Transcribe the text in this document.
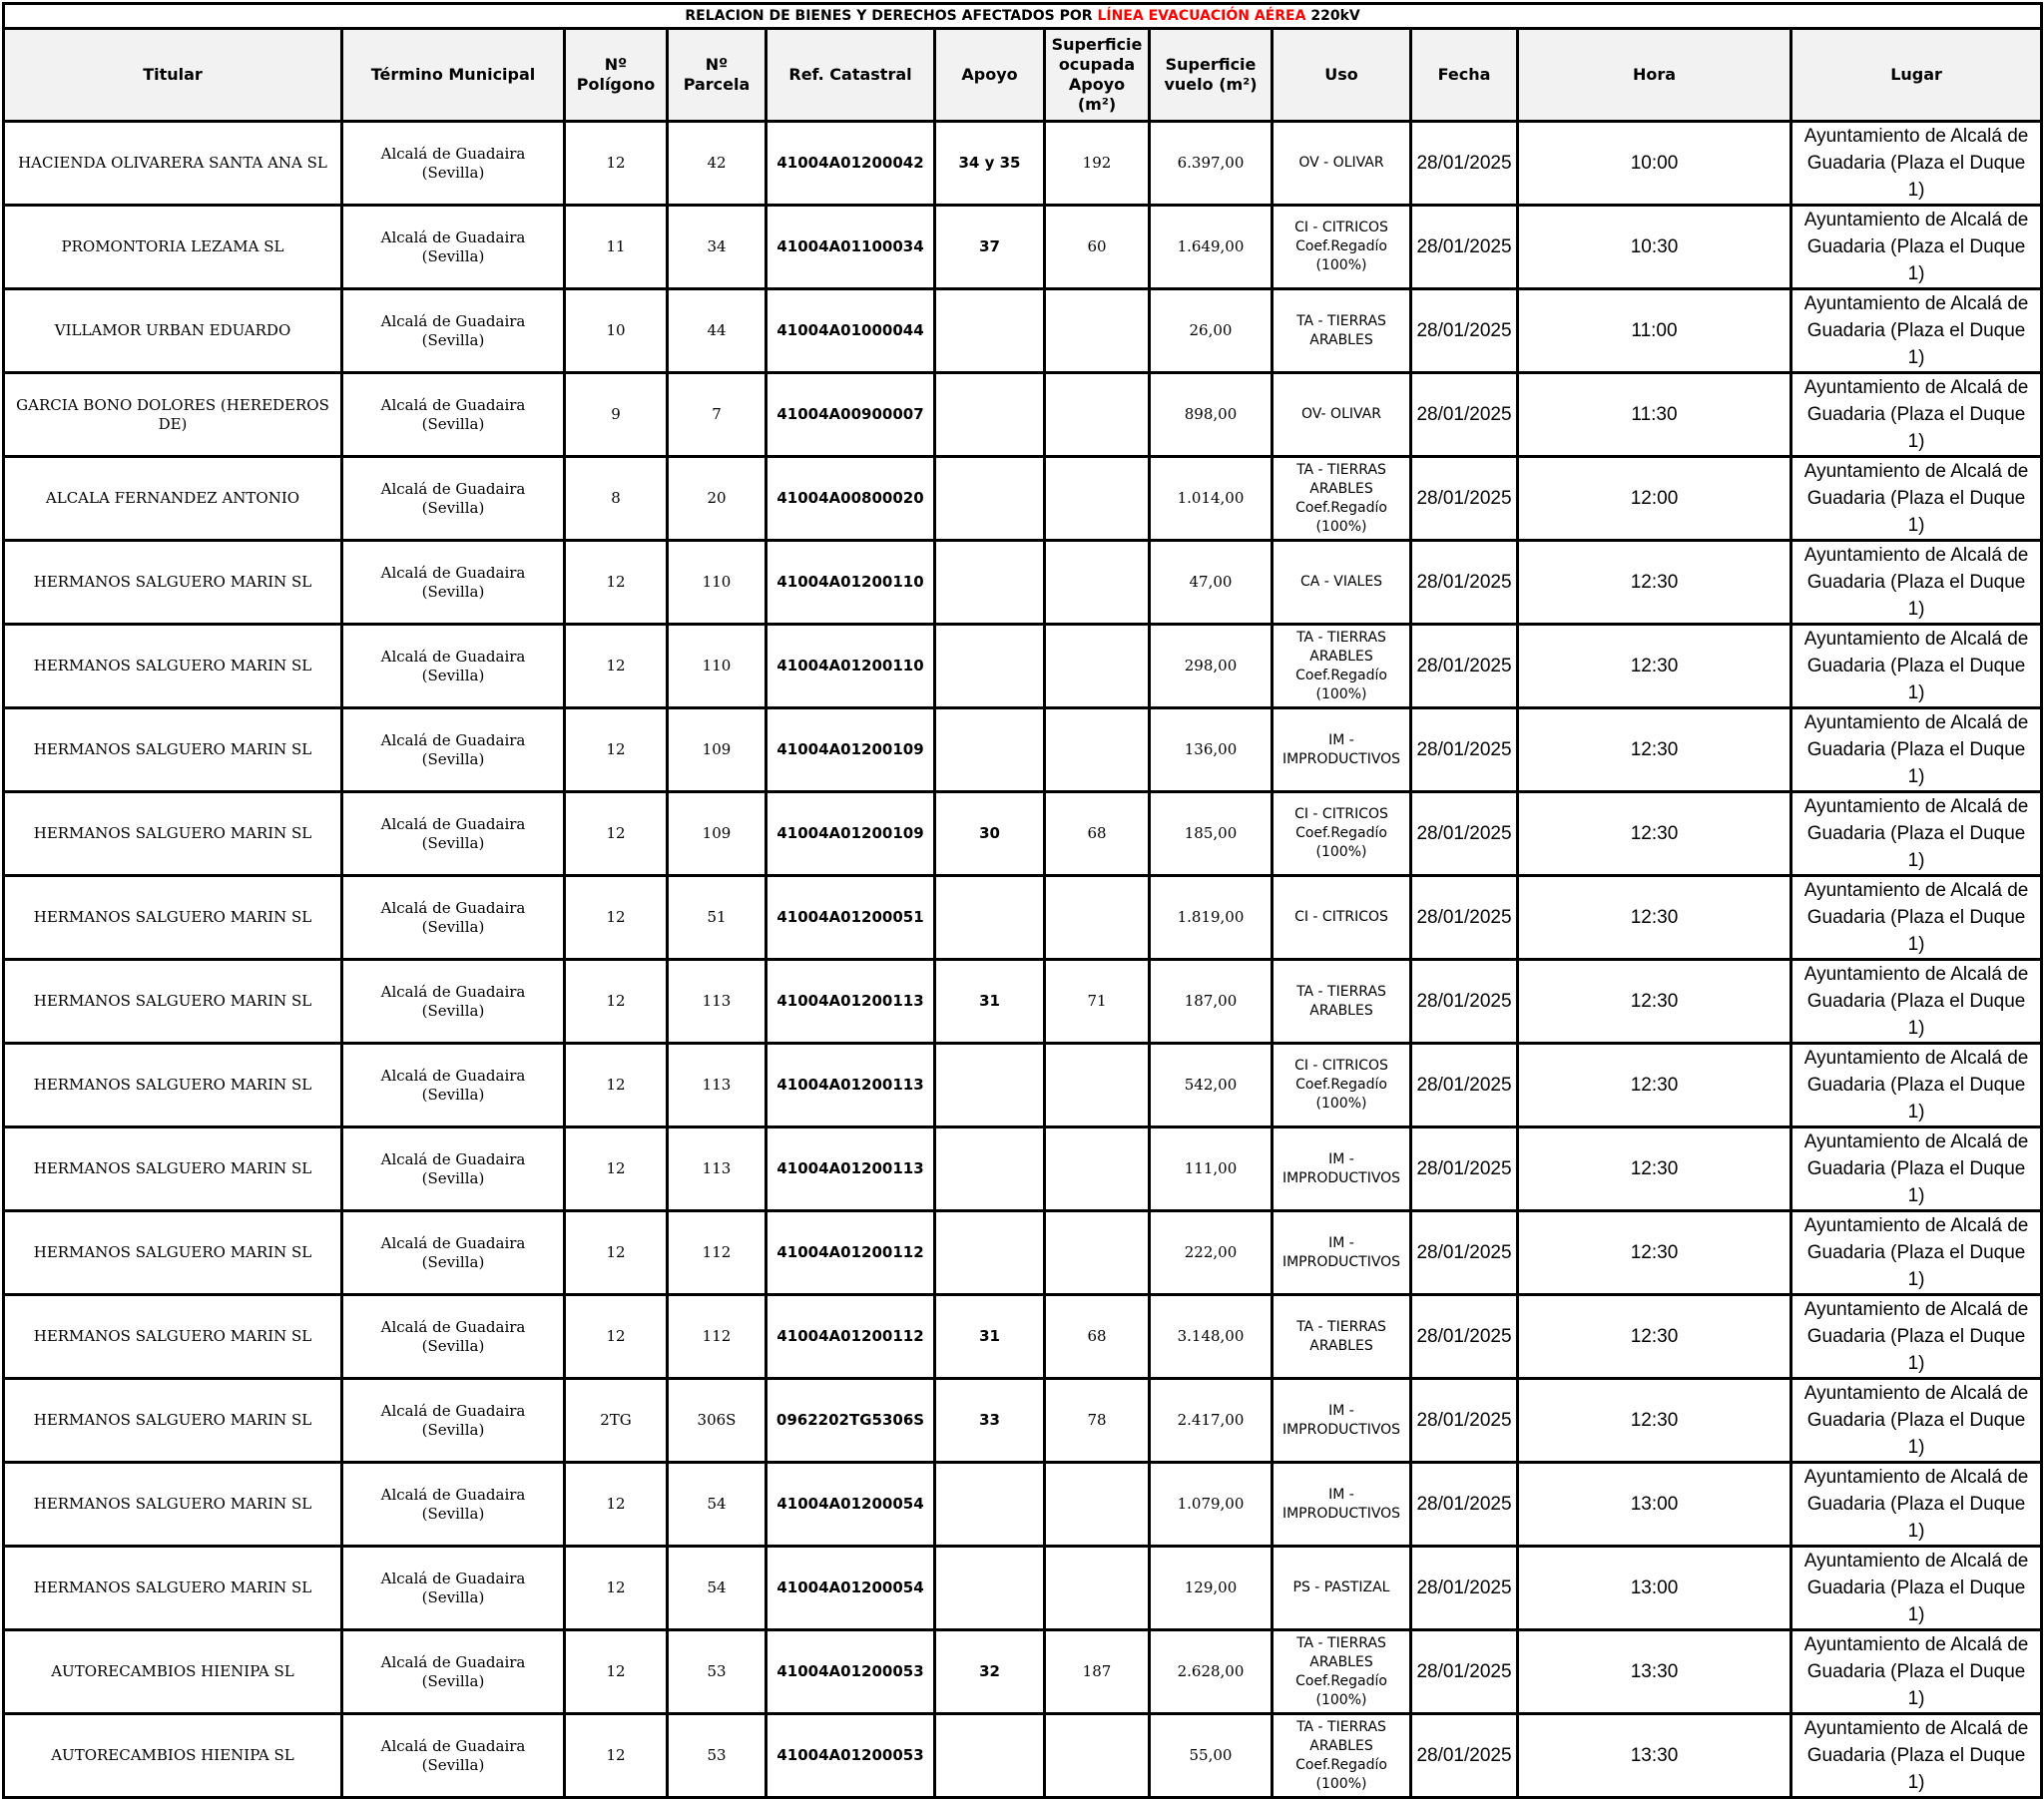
RELACION DE BIENES Y DERECHOS AFECTADOS POR LÍNEA EVACUACIÓN AÉREA 220kV											
Titular	Término Municipal	Nº Polígono	Nº Parcela	Ref. Catastral	Apoyo	Superficie ocupada Apoyo (m²)	Superficie vuelo (m²)	Uso	Fecha	Hora	Lugar
HACIENDA OLIVARERA SANTA ANA SL	Alcalá de Guadaira (Sevilla)	12	42	41004A01200042	34 y 35	192	6.397,00	OV - OLIVAR	28/01/2025	10:00	Ayuntamiento de Alcalá de Guadaria (Plaza el Duque 1)
PROMONTORIA LEZAMA SL	Alcalá de Guadaira (Sevilla)	11	34	41004A01100034	37	60	1.649,00	CI - CITRICOS Coef.Regadío (100%)	28/01/2025	10:30	Ayuntamiento de Alcalá de Guadaria (Plaza el Duque 1)
VILLAMOR URBAN EDUARDO	Alcalá de Guadaira (Sevilla)	10	44	41004A01000044			26,00	TA - TIERRAS ARABLES	28/01/2025	11:00	Ayuntamiento de Alcalá de Guadaria (Plaza el Duque 1)
GARCIA BONO DOLORES (HEREDEROS DE)	Alcalá de Guadaira (Sevilla)	9	7	41004A00900007			898,00	OV- OLIVAR	28/01/2025	11:30	Ayuntamiento de Alcalá de Guadaria (Plaza el Duque 1)
ALCALA FERNANDEZ ANTONIO	Alcalá de Guadaira (Sevilla)	8	20	41004A00800020			1.014,00	TA - TIERRAS ARABLES Coef.Regadío (100%)	28/01/2025	12:00	Ayuntamiento de Alcalá de Guadaria (Plaza el Duque 1)
HERMANOS SALGUERO MARIN SL	Alcalá de Guadaira (Sevilla)	12	110	41004A01200110			47,00	CA - VIALES	28/01/2025	12:30	Ayuntamiento de Alcalá de Guadaria (Plaza el Duque 1)
HERMANOS SALGUERO MARIN SL	Alcalá de Guadaira (Sevilla)	12	110	41004A01200110			298,00	TA - TIERRAS ARABLES Coef.Regadío (100%)	28/01/2025	12:30	Ayuntamiento de Alcalá de Guadaria (Plaza el Duque 1)
HERMANOS SALGUERO MARIN SL	Alcalá de Guadaira (Sevilla)	12	109	41004A01200109			136,00	IM - IMPRODUCTIVOS	28/01/2025	12:30	Ayuntamiento de Alcalá de Guadaria (Plaza el Duque 1)
HERMANOS SALGUERO MARIN SL	Alcalá de Guadaira (Sevilla)	12	109	41004A01200109	30	68	185,00	CI - CITRICOS Coef.Regadío (100%)	28/01/2025	12:30	Ayuntamiento de Alcalá de Guadaria (Plaza el Duque 1)
HERMANOS SALGUERO MARIN SL	Alcalá de Guadaira (Sevilla)	12	51	41004A01200051			1.819,00	CI - CITRICOS	28/01/2025	12:30	Ayuntamiento de Alcalá de Guadaria (Plaza el Duque 1)
HERMANOS SALGUERO MARIN SL	Alcalá de Guadaira (Sevilla)	12	113	41004A01200113	31	71	187,00	TA - TIERRAS ARABLES	28/01/2025	12:30	Ayuntamiento de Alcalá de Guadaria (Plaza el Duque 1)
HERMANOS SALGUERO MARIN SL	Alcalá de Guadaira (Sevilla)	12	113	41004A01200113			542,00	CI - CITRICOS Coef.Regadío (100%)	28/01/2025	12:30	Ayuntamiento de Alcalá de Guadaria (Plaza el Duque 1)
HERMANOS SALGUERO MARIN SL	Alcalá de Guadaira (Sevilla)	12	113	41004A01200113			111,00	IM - IMPRODUCTIVOS	28/01/2025	12:30	Ayuntamiento de Alcalá de Guadaria (Plaza el Duque 1)
HERMANOS SALGUERO MARIN SL	Alcalá de Guadaira (Sevilla)	12	112	41004A01200112			222,00	IM - IMPRODUCTIVOS	28/01/2025	12:30	Ayuntamiento de Alcalá de Guadaria (Plaza el Duque 1)
HERMANOS SALGUERO MARIN SL	Alcalá de Guadaira (Sevilla)	12	112	41004A01200112	31	68	3.148,00	TA - TIERRAS ARABLES	28/01/2025	12:30	Ayuntamiento de Alcalá de Guadaria (Plaza el Duque 1)
HERMANOS SALGUERO MARIN SL	Alcalá de Guadaira (Sevilla)	2TG	306S	0962202TG5306S	33	78	2.417,00	IM - IMPRODUCTIVOS	28/01/2025	12:30	Ayuntamiento de Alcalá de Guadaria (Plaza el Duque 1)
HERMANOS SALGUERO MARIN SL	Alcalá de Guadaira (Sevilla)	12	54	41004A01200054			1.079,00	IM - IMPRODUCTIVOS	28/01/2025	13:00	Ayuntamiento de Alcalá de Guadaria (Plaza el Duque 1)
HERMANOS SALGUERO MARIN SL	Alcalá de Guadaira (Sevilla)	12	54	41004A01200054			129,00	PS - PASTIZAL	28/01/2025	13:00	Ayuntamiento de Alcalá de Guadaria (Plaza el Duque 1)
AUTORECAMBIOS HIENIPA SL	Alcalá de Guadaira (Sevilla)	12	53	41004A01200053	32	187	2.628,00	TA - TIERRAS ARABLES Coef.Regadío (100%)	28/01/2025	13:30	Ayuntamiento de Alcalá de Guadaria (Plaza el Duque 1)
AUTORECAMBIOS HIENIPA SL	Alcalá de Guadaira (Sevilla)	12	53	41004A01200053			55,00	TA - TIERRAS ARABLES Coef.Regadío (100%)	28/01/2025	13:30	Ayuntamiento de Alcalá de Guadaria (Plaza el Duque 1)
